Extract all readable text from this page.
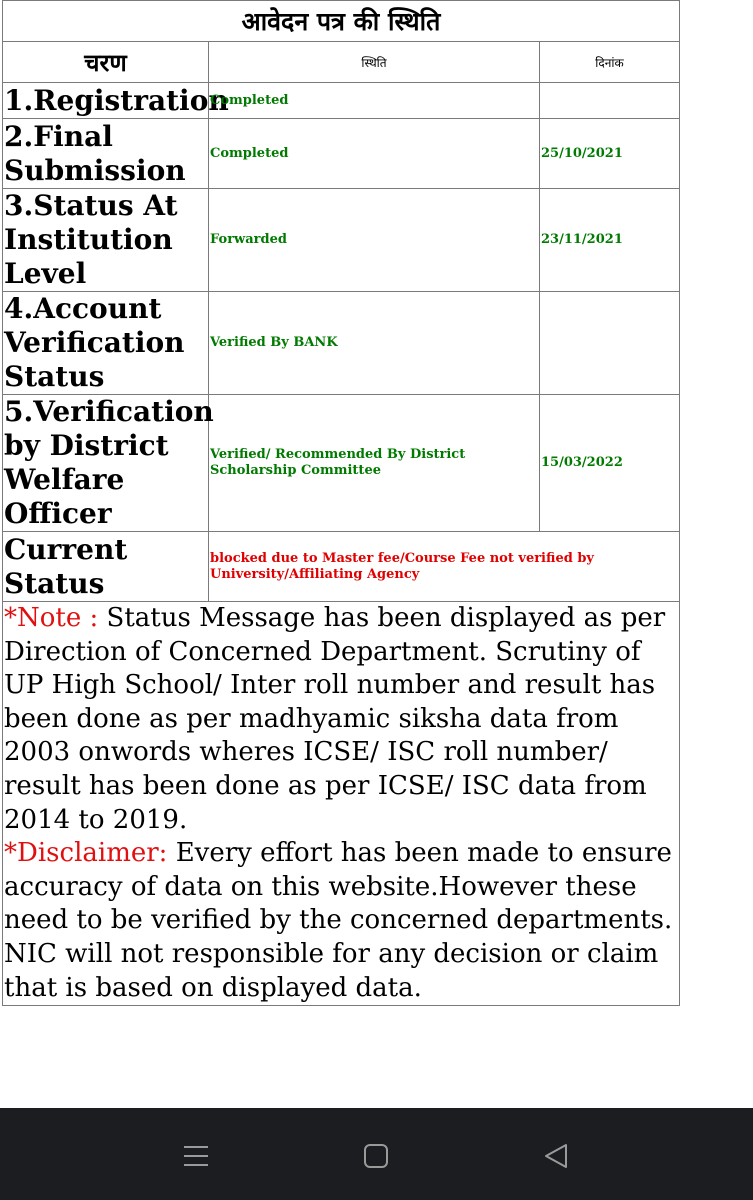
आवेदन पत्र की स्थिति		
चरण	स्थिति	दिनांक
1.Registration	Completed	
2.Final Submission	Completed	25/10/2021
3.Status At Institution Level	Forwarded	23/11/2021
4.Account Verification Status	Verified By BANK	
5.Verification by District Welfare Officer	Verified/ Recommended By District Scholarship Committee	15/03/2022
Current Status	blocked due to Master fee/Course Fee not verified by University/Affiliating Agency	
*Note : Status Message has been displayed as per Direction of Concerned Department. Scrutiny of UP High School/ Inter roll number and result has been done as per madhyamic siksha data from 2003 onwords wheres ICSE/ ISC roll number/ result has been done as per ICSE/ ISC data from 2014 to 2019.
*Disclaimer: Every effort has been made to ensure accuracy of data on this website.However these need to be verified by the concerned departments. NIC will not responsible for any decision or claim that is based on displayed data.		
